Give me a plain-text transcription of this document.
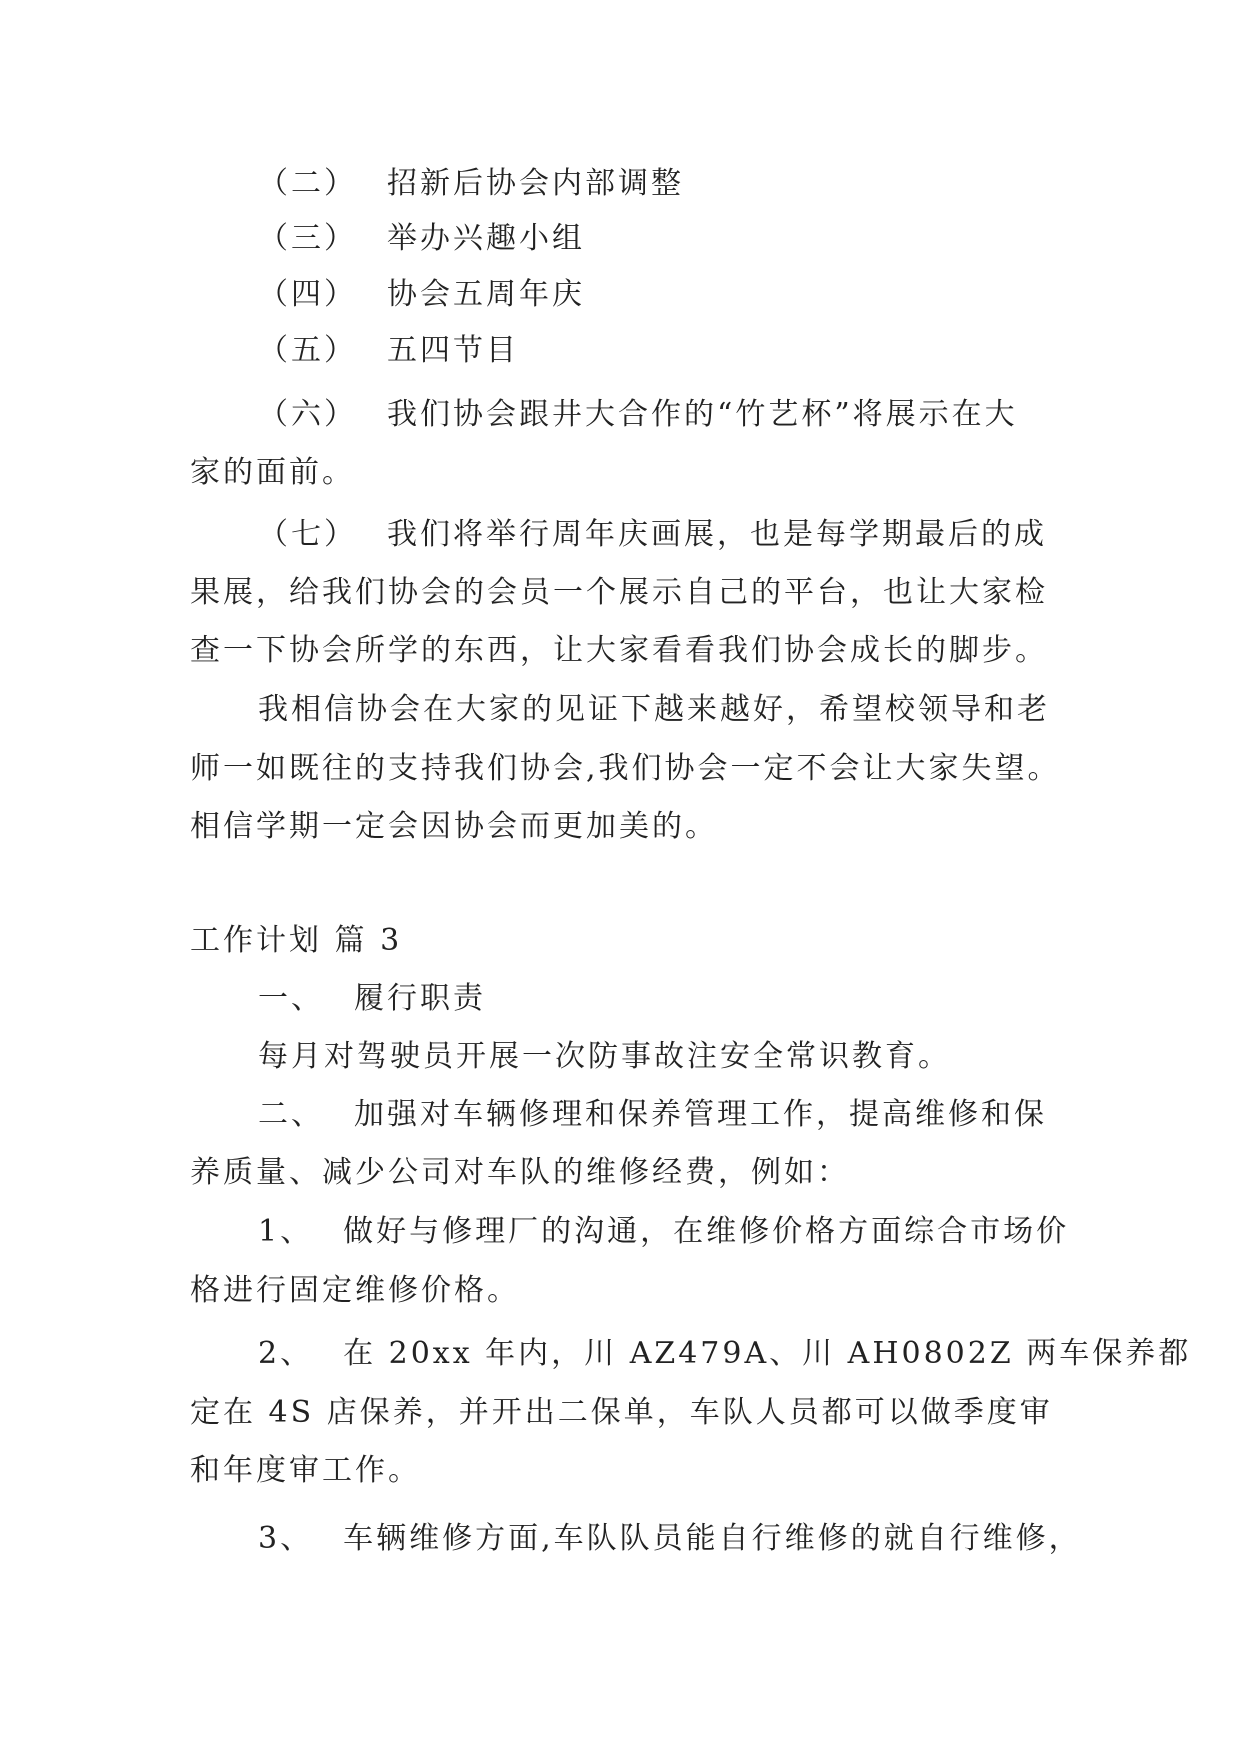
（二） 招新后协会内部调整

（三） 举办兴趣小组

（四） 协会五周年庆

（五） 五四节目

（六） 我们协会跟井大合作的“竹艺杯”将展示在大

家的面前。

（七） 我们将举行周年庆画展，也是每学期最后的成

果展，给我们协会的会员一个展示自己的平台，也让大家检

查一下协会所学的东西，让大家看看我们协会成长的脚步。

我相信协会在大家的见证下越来越好，希望校领导和老

师一如既往的支持我们协会,我们协会一定不会让大家失望。

相信学期一定会因协会而更加美的。

工作计划 篇 3

一、 履行职责

每月对驾驶员开展一次防事故注安全常识教育。

二、 加强对车辆修理和保养管理工作，提高维修和保

养质量、减少公司对车队的维修经费，例如：

1、 做好与修理厂的沟通，在维修价格方面综合市场价

格进行固定维修价格。

2、 在 20xx 年内，川 AZ479A、川 AH0802Z 两车保养都

定在 4S 店保养，并开出二保单，车队人员都可以做季度审

和年度审工作。

3、 车辆维修方面,车队队员能自行维修的就自行维修，
